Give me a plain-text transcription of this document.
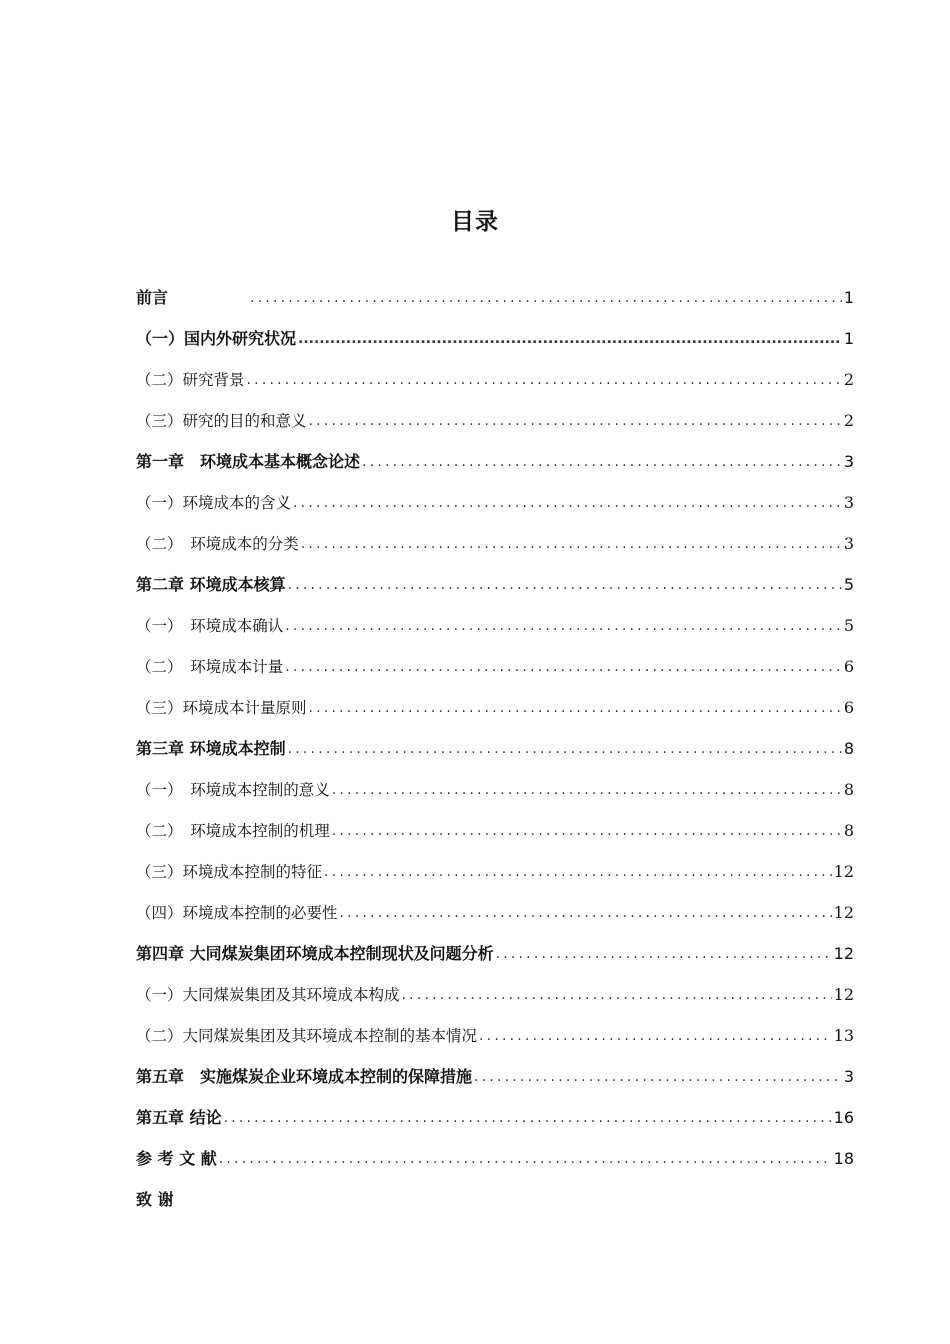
目录
前言 .....	1
（一）国内外研究状况 .....	1
（二）研究背景 .....	2
（三）研究的目的和意义 .....	2
第一章　环境成本基本概念论述 .....	3
（一）环境成本的含义 .....	3
（二）　环境成本的分类 .....	3
第二章 环境成本核算 .....	5
（一）　环境成本确认 .....	5
（二）　环境成本计量 .....	6
（三）环境成本计量原则 .....	6
第三章 环境成本控制 .....	8
（一）　环境成本控制的意义 .....	8
（二）　环境成本控制的机理 .....	8
（三）环境成本控制的特征 .....	12
（四）环境成本控制的必要性 .....	12
第四章 大同煤炭集团环境成本控制现状及问题分析 .....	12
（一）大同煤炭集团及其环境成本构成 .....	12
（二）大同煤炭集团及其环境成本控制的基本情况 .....	13
第五章　实施煤炭企业环境成本控制的保障措施 .....	3
第五章 结论 .....	16
参 考 文 献 .....	18
致 谢
